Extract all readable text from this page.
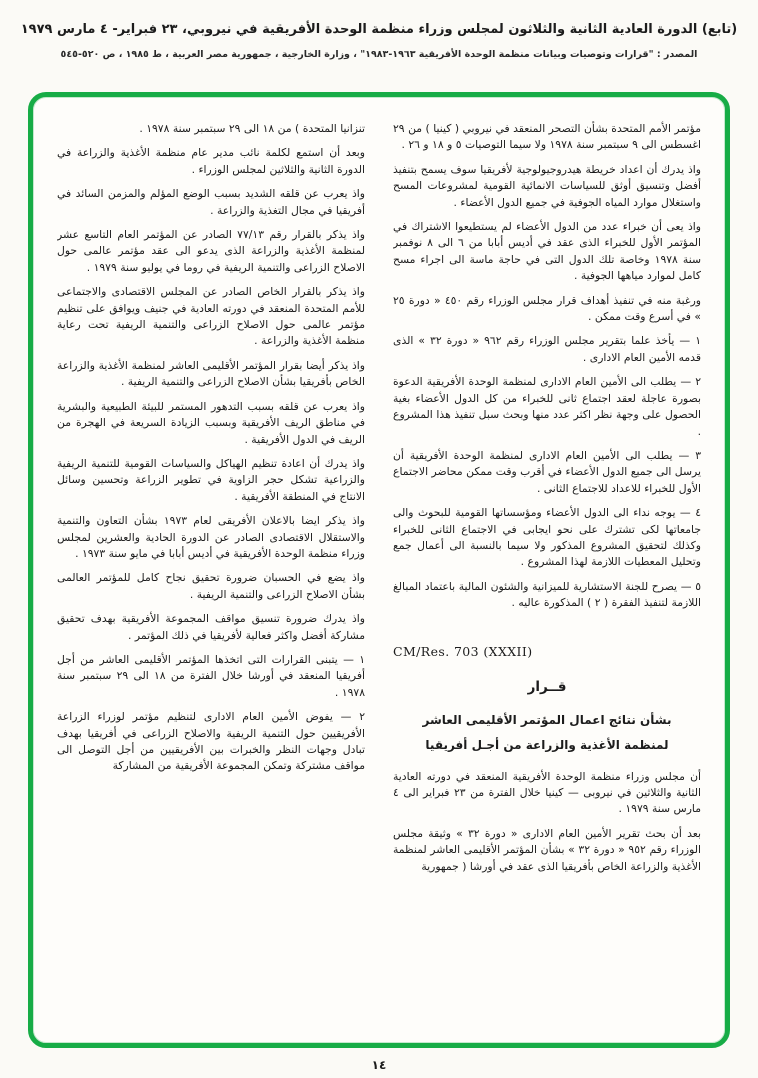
(تابع) الدورة العادية الثانية والثلاثون لمجلس وزراء منظمة الوحدة الأفريقية في نيروبي، ٢٣ فبراير- ٤ مارس ١٩٧٩
المصدر : "قرارات وتوصيات وبيانات منظمة الوحدة الأفريقية ١٩٦٣-١٩٨٣" ، وزارة الخارجية ، جمهورية مصر العربية ، ط ١٩٨٥ ، ص ٥٢٠-٥٤٥

مؤتمر الأمم المتحدة بشأن التصحر المنعقد في نيروبي ( كينيا ) من ٢٩ اغسطس الى ٩ سبتمبر سنة ١٩٧٨ ولا سيما التوصيات ٥ و ١٨ و ٢٦ .

واذ يدرك أن اعداد خريطة هيدروجيولوجية لأفريقيا سوف يسمح بتنفيذ أفضل وتنسيق أوثق للسياسات الانمائية القومية لمشروعات المسح واستغلال موارد المياه الجوفية في جميع الدول الأعضاء .

واذ يعى أن خبراء عدد من الدول الأعضاء لم يستطيعوا الاشتراك في المؤتمر الأول للخبراء الذى عقد في أديس أبابا من ٦ الى ٨ نوفمبر سنة ١٩٧٨ وخاصة تلك الدول التى في حاجة ماسة الى اجراء مسح كامل لموارد مياهها الجوفية .

ورغبة منه في تنفيذ أهداف قرار مجلس الوزراء رقم ٤٥٠ « دورة ٢٥ » في أسرع وقت ممكن .

١ — يأخذ علما بتقرير مجلس الوزراء رقم ٩٦٢ « دورة ٣٢ » الذى قدمه الأمين العام الادارى .

٢ — يطلب الى الأمين العام الادارى لمنظمة الوحدة الأفريقية الدعوة بصورة عاجلة لعقد اجتماع ثانى للخبراء من كل الدول الأعضاء بغية الحصول على وجهة نظر اكثر عدد منها وبحث سبل تنفيذ هذا المشروع .

٣ — يطلب الى الأمين العام الادارى لمنظمة الوحدة الأفريقية أن يرسل الى جميع الدول الأعضاء في أقرب وقت ممكن محاضر الاجتماع الأول للخبراء للاعداد للاجتماع الثانى .

٤ — يوجه نداء الى الدول الأعضاء ومؤسساتها القومية للبحوث والى جامعاتها لكى تشترك على نحو ايجابى في الاجتماع الثانى للخبراء وكذلك لتحقيق المشروع المذكور ولا سيما بالنسبة الى أعمال جمع وتحليل المعطيات اللازمة لهذا المشروع .

٥ — يصرح للجنة الاستشارية للميزانية والشئون المالية باعتماد المبالغ اللازمة لتنفيذ الفقرة ( ٢ ) المذكورة عاليه .

CM/Res. 703 (XXXII)
قــرار
بشأن نتائج اعمال المؤتمر الأقليمى العاشر
لمنظمة الأغذية والزراعة من أجـل أفريقيا

أن مجلس وزراء منظمة الوحدة الأفريقية المنعقد في دورته العادية الثانية والثلاثين في نيروبى — كينيا خلال الفترة من ٢٣ فبراير الى ٤ مارس سنة ١٩٧٩ .

بعد أن بحث تقرير الأمين العام الادارى « دورة ٣٢ » وثيقة مجلس الوزراء رقم ٩٥٢ « دورة ٣٢ » بشأن المؤتمر الأقليمى العاشر لمنظمة الأغذية والزراعة الخاص بأفريقيا الذى عقد في أورشا ( جمهورية

تنزانيا المتحدة ) من ١٨ الى ٢٩ سبتمبر سنة ١٩٧٨ .

وبعد أن استمع لكلمة نائب مدير عام منظمة الأغذية والزراعة في الدورة الثانية والثلاثين لمجلس الوزراء .

واذ يعرب عن قلقه الشديد بسبب الوضع المؤلم والمزمن السائد في أفريقيا في مجال التغذية والزراعة .

واذ يذكر بالقرار رقم ٧٧/١٣ الصادر عن المؤتمر العام التاسع عشر لمنظمة الأغذية والزراعة الذى يدعو الى عقد مؤتمر عالمى حول الاصلاح الزراعى والتنمية الريفية في روما في يوليو سنة ١٩٧٩ .

واذ يذكر بالقرار الخاص الصادر عن المجلس الاقتصادى والاجتماعى للأمم المتحدة المنعقد في دورته العادية في جنيف ويوافق على تنظيم مؤتمر عالمى حول الاصلاح الزراعى والتنمية الريفية تحت رعاية منظمة الأغذية والزراعة .

واذ يذكر أيضا بقرار المؤتمر الأقليمى العاشر لمنظمة الأغذية والزراعة الخاص بأفريقيا بشأن الاصلاح الزراعى والتنمية الريفية .

واذ يعرب عن قلقه بسبب التدهور المستمر للبيئة الطبيعية والبشرية في مناطق الريف الأفريقية وبسبب الزيادة السريعة في الهجرة من الريف في الدول الأفريقية .

واذ يدرك أن اعادة تنظيم الهياكل والسياسات القومية للتنمية الريفية والزراعية تشكل حجر الزاوية في تطوير الزراعة وتحسين وسائل الانتاج في المنطقة الأفريقية .

واذ يذكر ايضا بالاعلان الأفريقى لعام ١٩٧٣ بشأن التعاون والتنمية والاستقلال الاقتصادى الصادر عن الدورة الحادية والعشرين لمجلس وزراء منظمة الوحدة الأفريقية في أديس أبابا في مايو سنة ١٩٧٣ .

واذ يضع في الحسبان ضرورة تحقيق نجاح كامل للمؤتمر العالمى بشأن الاصلاح الزراعى والتنمية الريفية .

واذ يدرك ضرورة تنسيق مواقف المجموعة الأفريقية بهدف تحقيق مشاركة أفضل واكثر فعالية لأفريقيا في ذلك المؤتمر .

١ — يتبنى القرارات التى اتخذها المؤتمر الأقليمى العاشر من أجل أفريقيا المنعقد في أورشا خلال الفترة من ١٨ الى ٢٩ سبتمبر سنة ١٩٧٨ .

٢ — يفوض الأمين العام الادارى لتنظيم مؤتمر لوزراء الزراعة الأفريقيين حول التنمية الريفية والاصلاح الزراعى في أفريقيا بهدف تبادل وجهات النظر والخبرات بين الأفريقيين من أجل التوصل الى مواقف مشتركة وتمكن المجموعة الأفريقية من المشاركة

١٤
